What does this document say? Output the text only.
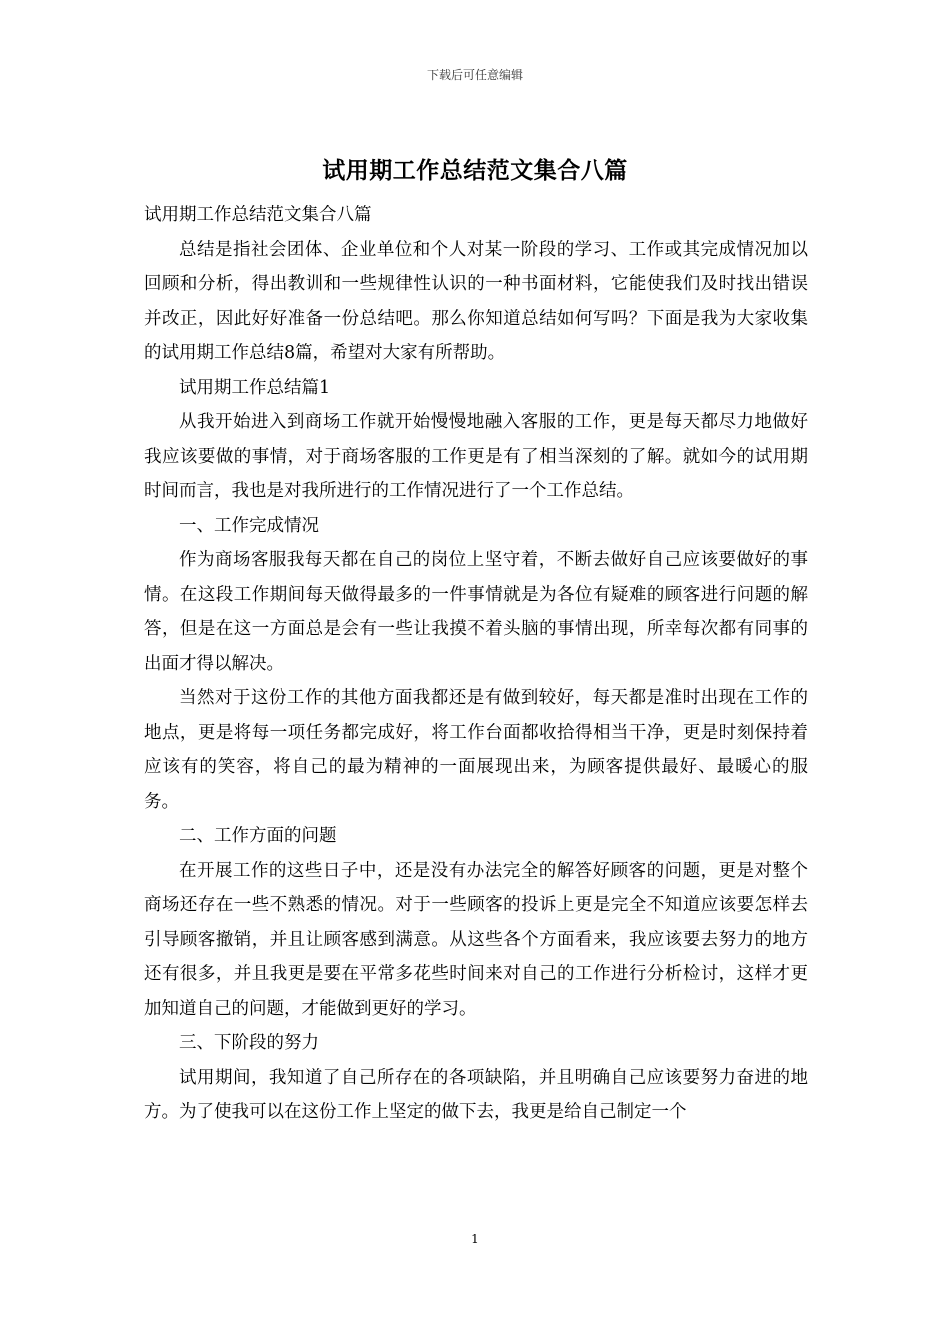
下载后可任意编辑
试用期工作总结范文集合八篇

试用期工作总结范文集合八篇

总结是指社会团体、企业单位和个人对某一阶段的学习、工作或其完成情况加以回顾和分析，得出教训和一些规律性认识的一种书面材料，它能使我们及时找出错误并改正，因此好好准备一份总结吧。那么你知道总结如何写吗？下面是我为大家收集的试用期工作总结8篇，希望对大家有所帮助。

试用期工作总结篇1

从我开始进入到商场工作就开始慢慢地融入客服的工作，更是每天都尽力地做好我应该要做的事情，对于商场客服的工作更是有了相当深刻的了解。就如今的试用期时间而言，我也是对我所进行的工作情况进行了一个工作总结。

一、工作完成情况

作为商场客服我每天都在自己的岗位上坚守着，不断去做好自己应该要做好的事情。在这段工作期间每天做得最多的一件事情就是为各位有疑难的顾客进行问题的解答，但是在这一方面总是会有一些让我摸不着头脑的事情出现，所幸每次都有同事的出面才得以解决。

当然对于这份工作的其他方面我都还是有做到较好，每天都是准时出现在工作的地点，更是将每一项任务都完成好，将工作台面都收拾得相当干净，更是时刻保持着应该有的笑容，将自己的最为精神的一面展现出来，为顾客提供最好、最暖心的服务。

二、工作方面的问题

在开展工作的这些日子中，还是没有办法完全的解答好顾客的问题，更是对整个商场还存在一些不熟悉的情况。对于一些顾客的投诉上更是完全不知道应该要怎样去引导顾客撤销，并且让顾客感到满意。从这些各个方面看来，我应该要去努力的地方还有很多，并且我更是要在平常多花些时间来对自己的工作进行分析检讨，这样才更加知道自己的问题，才能做到更好的学习。

三、下阶段的努力

试用期间，我知道了自己所存在的各项缺陷，并且明确自己应该要努力奋进的地方。为了使我可以在这份工作上坚定的做下去，我更是给自己制定一个

1
